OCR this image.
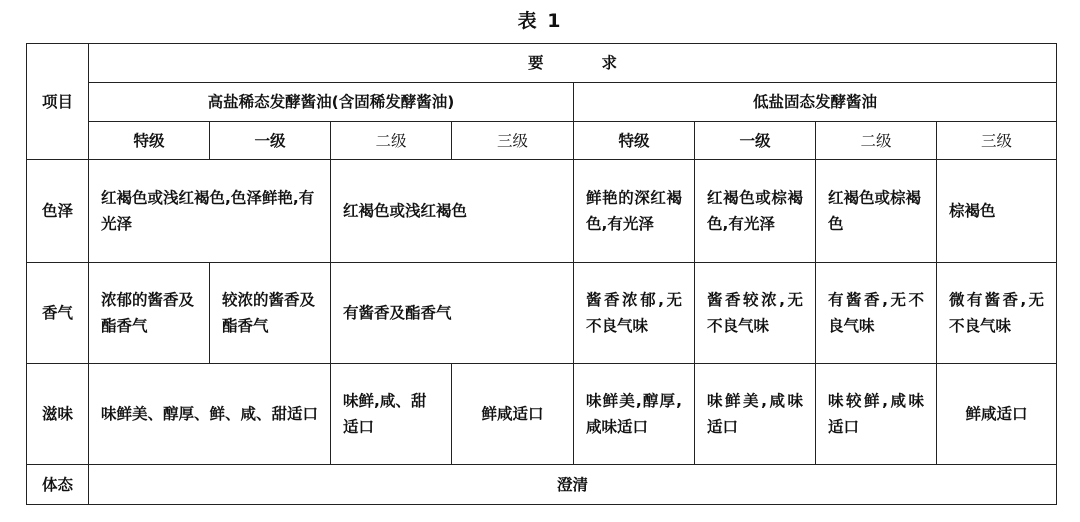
表 1
项目	要 求							
	高盐稀态发酵酱油(含固稀发酵酱油)				低盐固态发酵酱油			
	特级	一级	二级	三级	特级	一级	二级	三级
色泽	红褐色或浅红褐色,色泽鲜艳,有光泽		红褐色或浅红褐色		鲜艳的深红褐色,有光泽	红褐色或棕褐色,有光泽	红褐色或棕褐色	棕褐色
香气	浓郁的酱香及酯香气	较浓的酱香及酯香气	有酱香及酯香气		酱香浓郁,无不良气味	酱香较浓,无不良气味	有酱香,无不良气味	微有酱香,无不良气味
滋味	味鲜美、醇厚、鲜、咸、甜适口		味鲜,咸、甜适口	鲜咸适口	味鲜美,醇厚,咸味适口	味鲜美,咸味适口	味较鲜,咸味适口	鲜咸适口
体态	澄清							
